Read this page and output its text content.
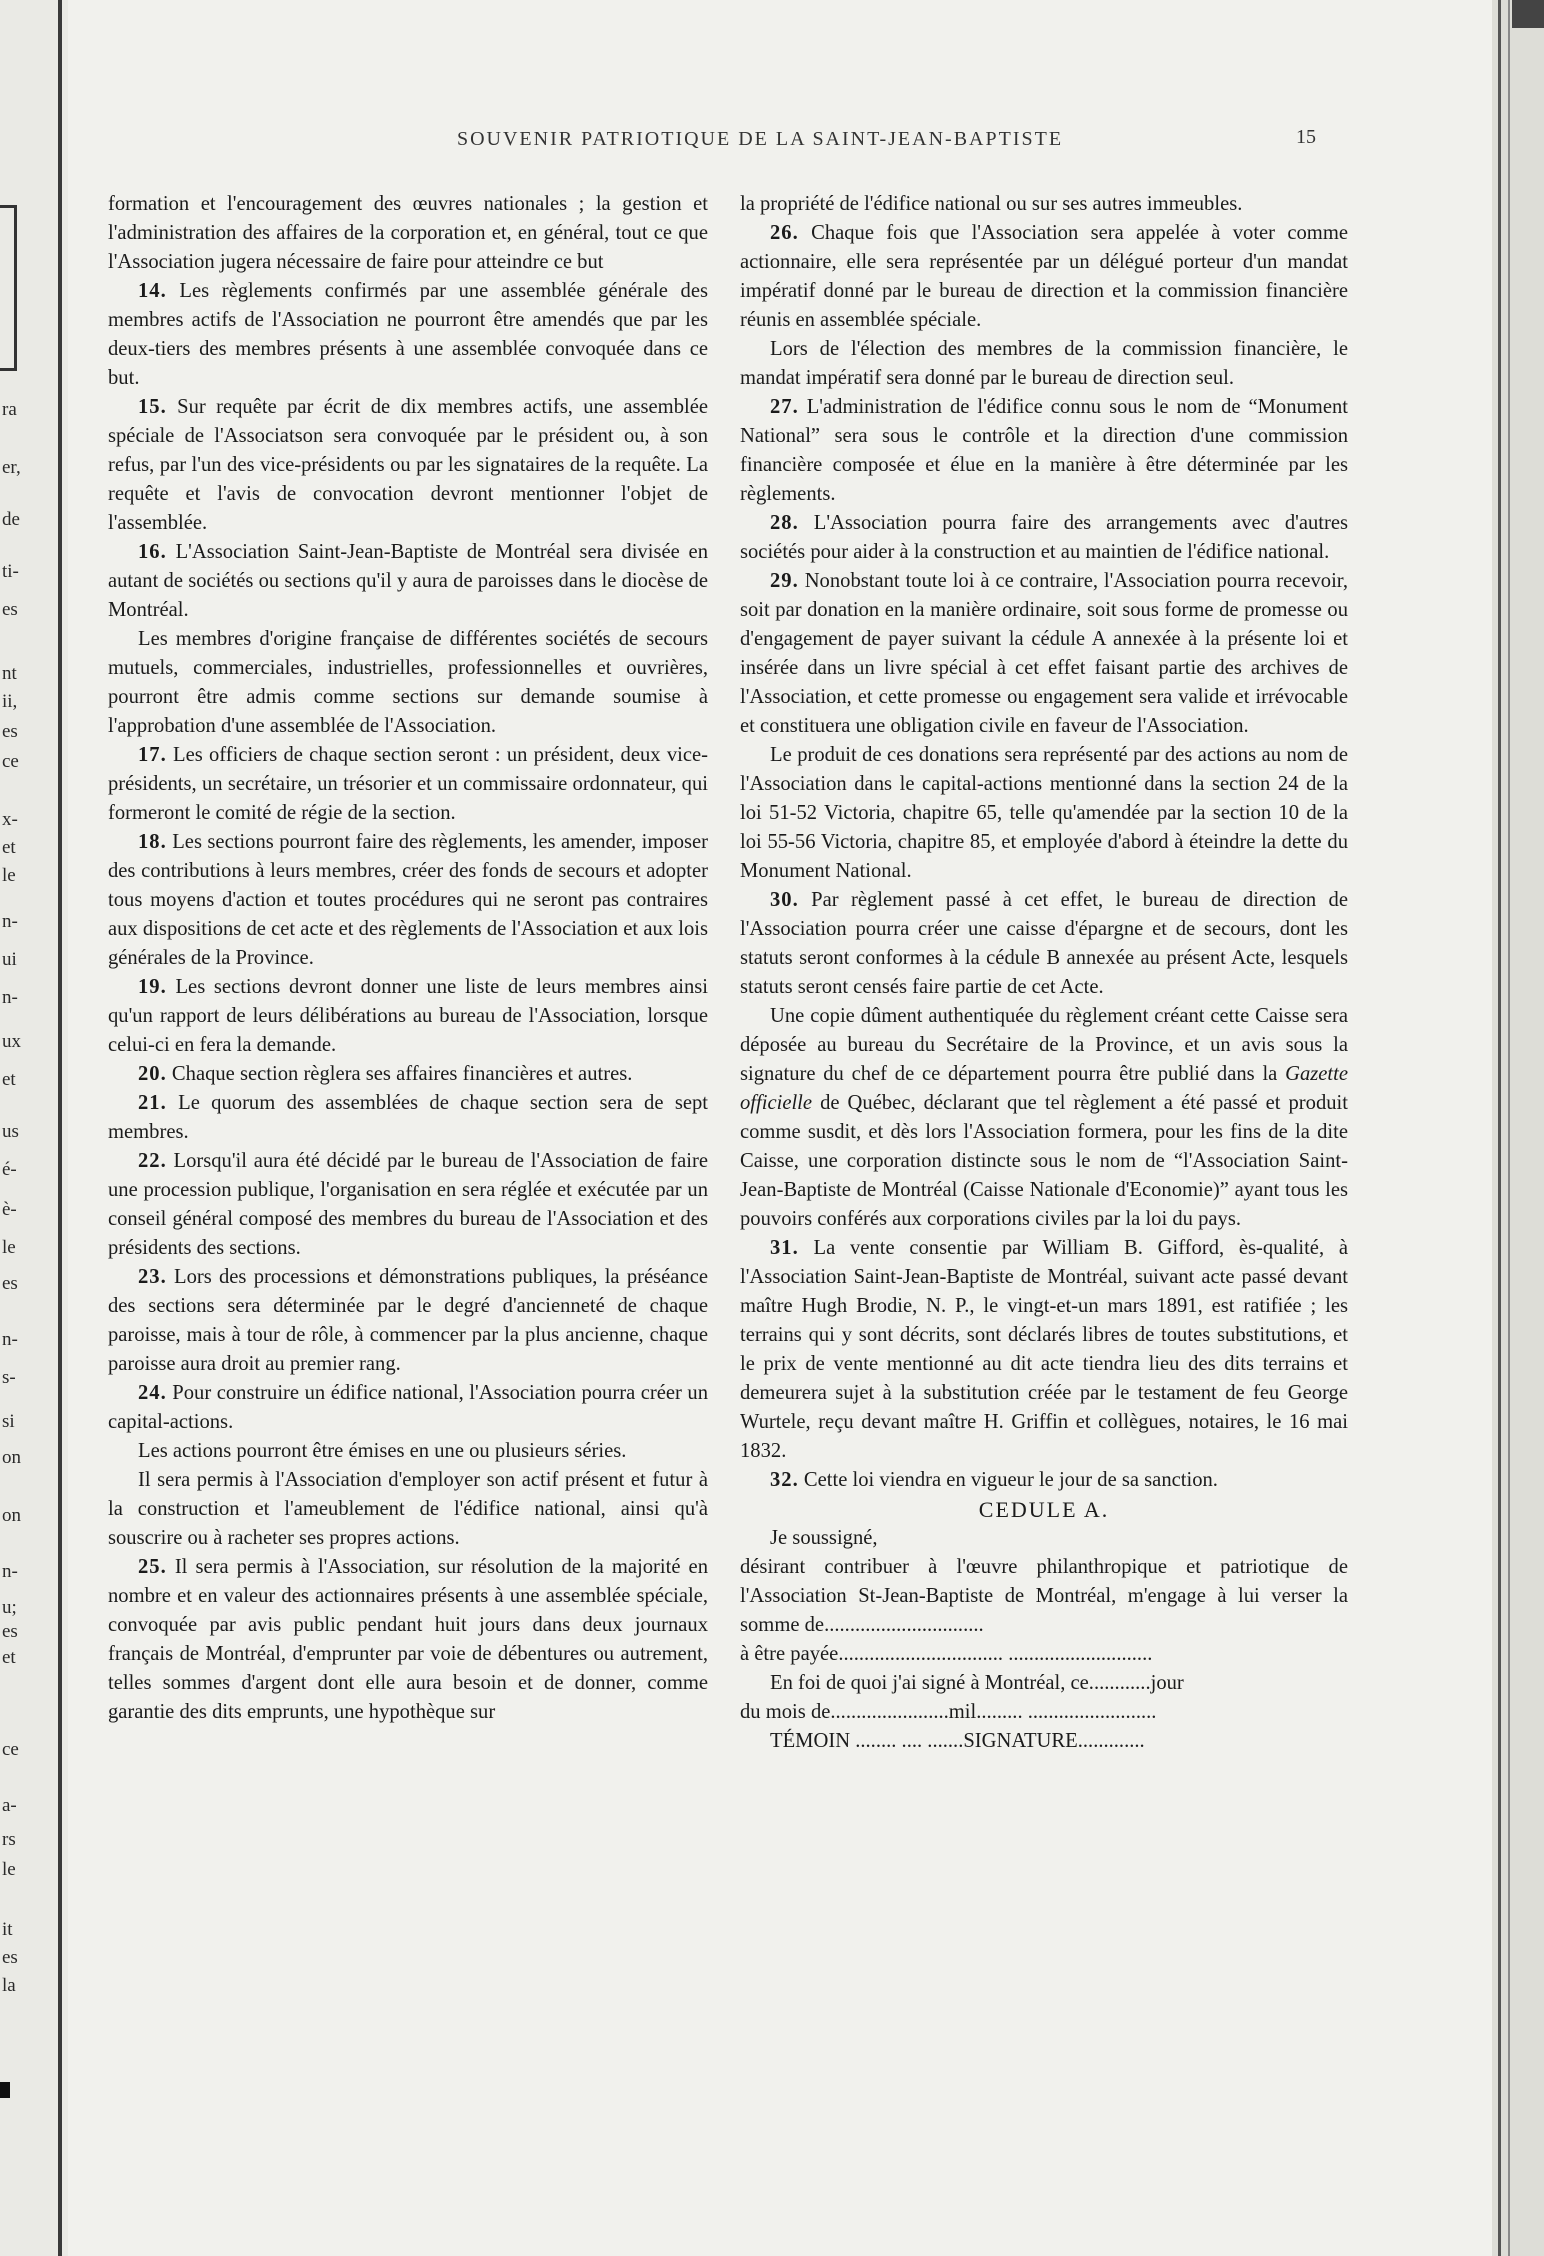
ra
er,
de
ti-
es
nt
ii,
es
ce
x-
et
le
n-
ui
n-
ux
et
us
é-
è-
le
es
n-
s-
si
on
on
n-
u;
es
et
ce
a-
rs
le
it
es
la
SOUVENIR PATRIOTIQUE DE LA SAINT-JEAN-BAPTISTE	15

formation et l'encouragement des œuvres nationales ; la gestion et l'administration des affaires de la corporation et, en général, tout ce que l'Association jugera nécessaire de faire pour atteindre ce but

14. Les règlements confirmés par une assemblée générale des membres actifs de l'Association ne pourront être amendés que par les deux-tiers des membres présents à une assemblée convoquée dans ce but.

15. Sur requête par écrit de dix membres actifs, une assemblée spéciale de l'Associatson sera convoquée par le président ou, à son refus, par l'un des vice-présidents ou par les signataires de la requête. La requête et l'avis de convocation devront mentionner l'objet de l'assemblée.

16. L'Association Saint-Jean-Baptiste de Montréal sera divisée en autant de sociétés ou sections qu'il y aura de paroisses dans le diocèse de Montréal.

Les membres d'origine française de différentes sociétés de secours mutuels, commerciales, industrielles, professionnelles et ouvrières, pourront être admis comme sections sur demande soumise à l'approbation d'une assemblée de l'Association.

17. Les officiers de chaque section seront : un président, deux vice-présidents, un secrétaire, un trésorier et un commissaire ordonnateur, qui formeront le comité de régie de la section.

18. Les sections pourront faire des règlements, les amender, imposer des contributions à leurs membres, créer des fonds de secours et adopter tous moyens d'action et toutes procédures qui ne seront pas contraires aux dispositions de cet acte et des règlements de l'Association et aux lois générales de la Province.

19. Les sections devront donner une liste de leurs membres ainsi qu'un rapport de leurs délibérations au bureau de l'Association, lorsque celui-ci en fera la demande.

20. Chaque section règlera ses affaires financières et autres.

21. Le quorum des assemblées de chaque section sera de sept membres.

22. Lorsqu'il aura été décidé par le bureau de l'Association de faire une procession publique, l'organisation en sera réglée et exécutée par un conseil général composé des membres du bureau de l'Association et des présidents des sections.

23. Lors des processions et démonstrations publiques, la préséance des sections sera déterminée par le degré d'ancienneté de chaque paroisse, mais à tour de rôle, à commencer par la plus ancienne, chaque paroisse aura droit au premier rang.

24. Pour construire un édifice national, l'Association pourra créer un capital-actions.

Les actions pourront être émises en une ou plusieurs séries.

Il sera permis à l'Association d'employer son actif présent et futur à la construction et l'ameublement de l'édifice national, ainsi qu'à souscrire ou à racheter ses propres actions.

25. Il sera permis à l'Association, sur résolution de la majorité en nombre et en valeur des actionnaires présents à une assemblée spéciale, convoquée par avis public pendant huit jours dans deux journaux français de Montréal, d'emprunter par voie de débentures ou autrement, telles sommes d'argent dont elle aura besoin et de donner, comme garantie des dits emprunts, une hypothèque sur

la propriété de l'édifice national ou sur ses autres immeubles.

26. Chaque fois que l'Association sera appelée à voter comme actionnaire, elle sera représentée par un délégué porteur d'un mandat impératif donné par le bureau de direction et la commission financière réunis en assemblée spéciale.

Lors de l'élection des membres de la commission financière, le mandat impératif sera donné par le bureau de direction seul.

27. L'administration de l'édifice connu sous le nom de “Monument National” sera sous le contrôle et la direction d'une commission financière composée et élue en la manière à être déterminée par les règlements.

28. L'Association pourra faire des arrangements avec d'autres sociétés pour aider à la construction et au maintien de l'édifice national.

29. Nonobstant toute loi à ce contraire, l'Association pourra recevoir, soit par donation en la manière ordinaire, soit sous forme de promesse ou d'engagement de payer suivant la cédule A annexée à la présente loi et insérée dans un livre spécial à cet effet faisant partie des archives de l'Association, et cette promesse ou engagement sera valide et irrévocable et constituera une obligation civile en faveur de l'Association.

Le produit de ces donations sera représenté par des actions au nom de l'Association dans le capital-actions mentionné dans la section 24 de la loi 51-52 Victoria, chapitre 65, telle qu'amendée par la section 10 de la loi 55-56 Victoria, chapitre 85, et employée d'abord à éteindre la dette du Monument National.

30. Par règlement passé à cet effet, le bureau de direction de l'Association pourra créer une caisse d'épargne et de secours, dont les statuts seront conformes à la cédule B annexée au présent Acte, lesquels statuts seront censés faire partie de cet Acte.

Une copie dûment authentiquée du règlement créant cette Caisse sera déposée au bureau du Secrétaire de la Province, et un avis sous la signature du chef de ce département pourra être publié dans la Gazette officielle de Québec, déclarant que tel règlement a été passé et produit comme susdit, et dès lors l'Association formera, pour les fins de la dite Caisse, une corporation distincte sous le nom de “l'Association Saint-Jean-Baptiste de Montréal (Caisse Nationale d'Economie)” ayant tous les pouvoirs conférés aux corporations civiles par la loi du pays.

31. La vente consentie par William B. Gifford, ès-qualité, à l'Association Saint-Jean-Baptiste de Montréal, suivant acte passé devant maître Hugh Brodie, N. P., le vingt-et-un mars 1891, est ratifiée ; les terrains qui y sont décrits, sont déclarés libres de toutes substitutions, et le prix de vente mentionné au dit acte tiendra lieu des dits terrains et demeurera sujet à la substitution créée par le testament de feu George Wurtele, reçu devant maître H. Griffin et collègues, notaires, le 16 mai 1832.

32. Cette loi viendra en vigueur le jour de sa sanction.

CEDULE A.

Je soussigné,

désirant contribuer à l'œuvre philanthropique et patriotique de l'Association St-Jean-Baptiste de Montréal, m'engage à lui verser la somme de...............................

à être payée................................ ............................

En foi de quoi j'ai signé à Montréal, ce............jour

du mois de.......................mil......... .........................

TÉMOIN ........ .... .......SIGNATURE.............
